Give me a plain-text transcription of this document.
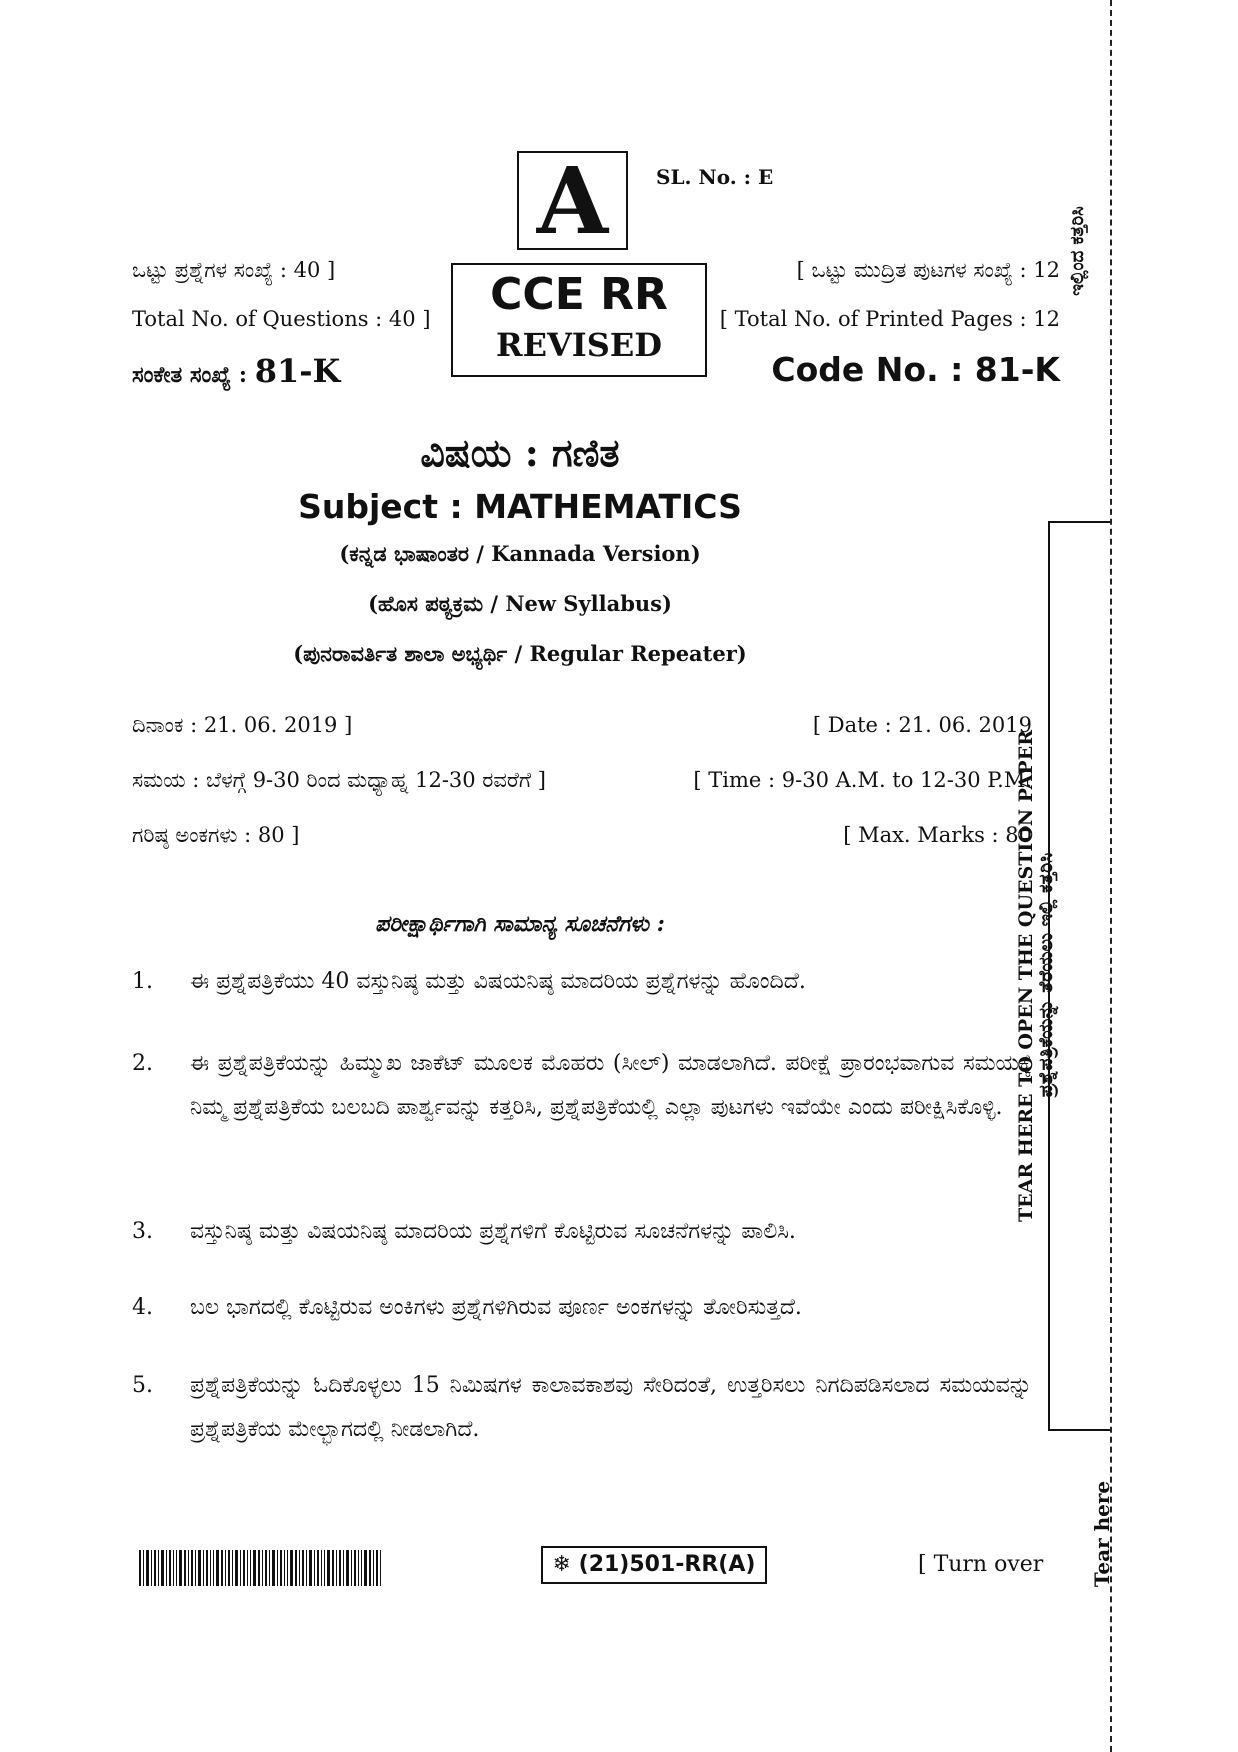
A	SL. No. : E
CCE RR
REVISED
ಒಟ್ಟು ಪ್ರಶ್ನೆಗಳ ಸಂಖ್ಯೆ : 40 ]
Total No. of Questions : 40 ]
ಸಂಕೇತ ಸಂಖ್ಯೆ : 81-K
[ ಒಟ್ಟು ಮುದ್ರಿತ ಪುಟಗಳ ಸಂಖ್ಯೆ : 12
[ Total No. of Printed Pages : 12
Code No. : 81-K
ವಿಷಯ : ಗಣಿತ
Subject : MATHEMATICS
(ಕನ್ನಡ ಭಾಷಾಂತರ / Kannada Version)
(ಹೊಸ ಪಠ್ಯಕ್ರಮ / New Syllabus)
(ಪುನರಾವರ್ತಿತ ಶಾಲಾ ಅಭ್ಯರ್ಥಿ / Regular Repeater)
ದಿನಾಂಕ : 21. 06. 2019 ]	[ Date : 21. 06. 2019
ಸಮಯ : ಬೆಳಗ್ಗೆ 9-30 ರಿಂದ ಮಧ್ಯಾಹ್ನ 12-30 ರವರೆಗೆ ]	[ Time : 9-30 A.M. to 12-30 P.M.
ಗರಿಷ್ಠ ಅಂಕಗಳು : 80 ]	[ Max. Marks : 80
ಪರೀಕ್ಷಾರ್ಥಿಗಾಗಿ ಸಾಮಾನ್ಯ ಸೂಚನೆಗಳು :
1.	ಈ ಪ್ರಶ್ನೆಪತ್ರಿಕೆಯು 40 ವಸ್ತುನಿಷ್ಠ ಮತ್ತು ವಿಷಯನಿಷ್ಠ ಮಾದರಿಯ ಪ್ರಶ್ನೆಗಳನ್ನು ಹೊಂದಿದೆ.
2.	ಈ ಪ್ರಶ್ನೆಪತ್ರಿಕೆಯನ್ನು ಹಿಮ್ಮುಖ ಜಾಕೆಟ್ ಮೂಲಕ ಮೊಹರು (ಸೀಲ್) ಮಾಡಲಾಗಿದೆ. ಪರೀಕ್ಷೆ ಪ್ರಾರಂಭವಾಗುವ ಸಮಯಕ್ಕೆ ನಿಮ್ಮ ಪ್ರಶ್ನೆಪತ್ರಿಕೆಯ ಬಲಬದಿ ಪಾರ್ಶ್ವವನ್ನು ಕತ್ತರಿಸಿ, ಪ್ರಶ್ನೆಪತ್ರಿಕೆಯಲ್ಲಿ ಎಲ್ಲಾ ಪುಟಗಳು ಇವೆಯೇ ಎಂದು ಪರೀಕ್ಷಿಸಿಕೊಳ್ಳಿ.
3.	ವಸ್ತುನಿಷ್ಠ ಮತ್ತು ವಿಷಯನಿಷ್ಠ ಮಾದರಿಯ ಪ್ರಶ್ನೆಗಳಿಗೆ ಕೊಟ್ಟಿರುವ ಸೂಚನೆಗಳನ್ನು ಪಾಲಿಸಿ.
4.	ಬಲ ಭಾಗದಲ್ಲಿ ಕೊಟ್ಟಿರುವ ಅಂಕಿಗಳು ಪ್ರಶ್ನೆಗಳಿಗಿರುವ ಪೂರ್ಣ ಅಂಕಗಳನ್ನು ತೋರಿಸುತ್ತದೆ.
5.	ಪ್ರಶ್ನೆಪತ್ರಿಕೆಯನ್ನು ಓದಿಕೊಳ್ಳಲು 15 ನಿಮಿಷಗಳ ಕಾಲಾವಕಾಶವು ಸೇರಿದಂತೆ, ಉತ್ತರಿಸಲು ನಿಗದಿಪಡಿಸಲಾದ ಸಮಯವನ್ನು ಪ್ರಶ್ನೆಪತ್ರಿಕೆಯ ಮೇಲ್ಭಾಗದಲ್ಲಿ ನೀಡಲಾಗಿದೆ.
❄ (21)501-RR(A)	[ Turn over
ಇಲ್ಲಿಂದ ಕತ್ತರಿಸಿ
TEAR HERE TO OPEN THE QUESTION PAPER
ಪ್ರಶ್ನೆಪತ್ರಿಕೆಯನ್ನು ತೆರೆಯಲು ಇಲ್ಲಿ ಕತ್ತರಿಸಿ
Tear here
